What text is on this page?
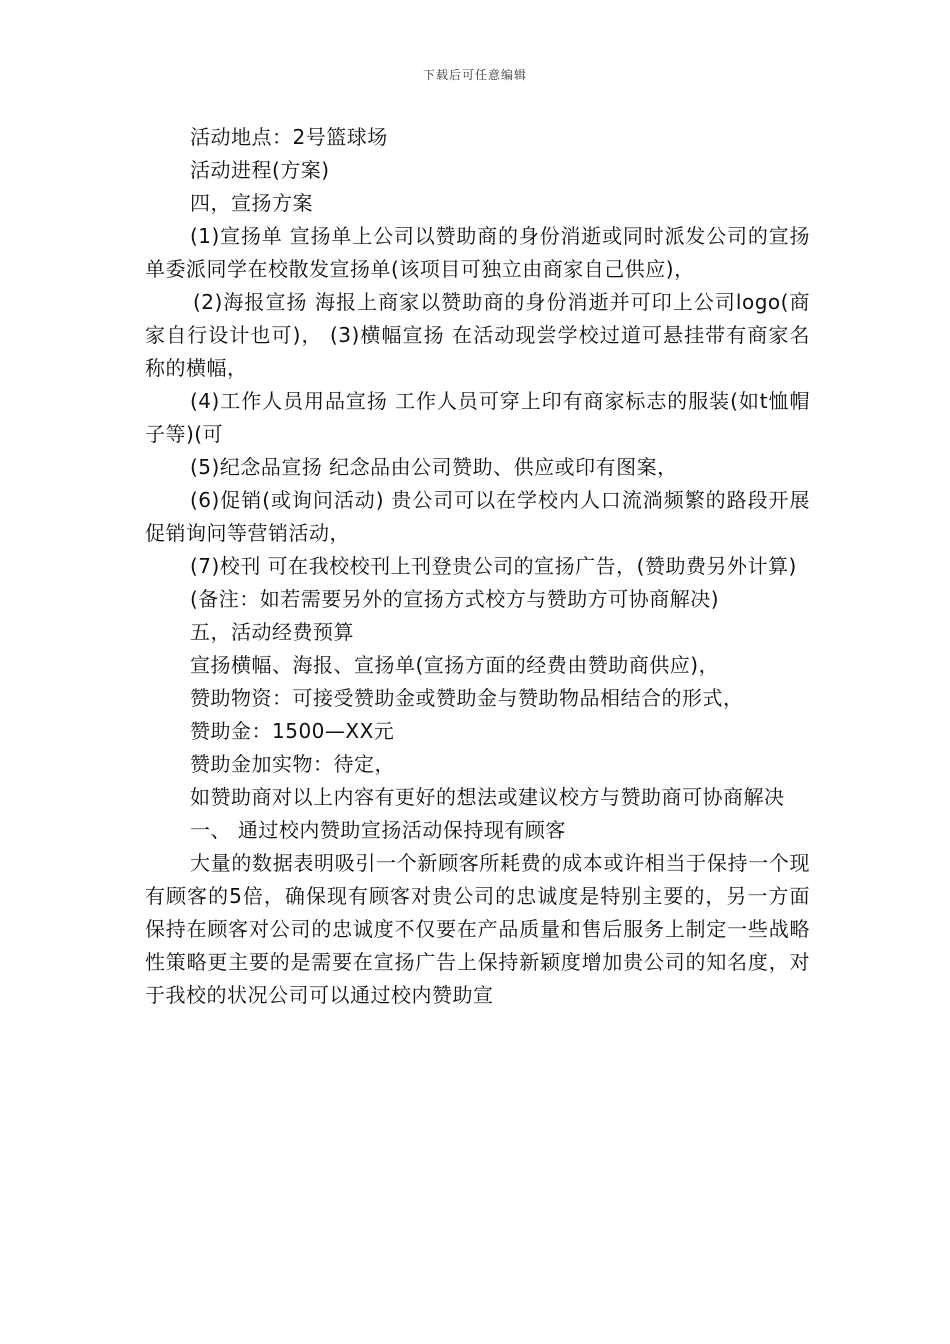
下载后可任意编辑

活动地点：2号篮球场

活动进程(方案)

四，宣扬方案

(1)宣扬单 宣扬单上公司以赞助商的身份消逝或同时派发公司的宣扬单委派同学在校散发宣扬单(该项目可独立由商家自己供应)，

(2)海报宣扬 海报上商家以赞助商的身份消逝并可印上公司logo(商家自行设计也可)， (3)横幅宣扬 在活动现尝学校过道可悬挂带有商家名称的横幅，

(4)工作人员用品宣扬 工作人员可穿上印有商家标志的服装(如t恤帽子等)(可

(5)纪念品宣扬 纪念品由公司赞助、供应或印有图案，

(6)促销(或询问活动) 贵公司可以在学校内人口流淌频繁的路段开展促销询问等营销活动，

(7)校刊 可在我校校刊上刊登贵公司的宣扬广告，(赞助费另外计算)

(备注：如若需要另外的宣扬方式校方与赞助方可协商解决)

五，活动经费预算

宣扬横幅、海报、宣扬单(宣扬方面的经费由赞助商供应)，

赞助物资：可接受赞助金或赞助金与赞助物品相结合的形式，

赞助金：1500—XX元

赞助金加实物：待定，

如赞助商对以上内容有更好的想法或建议校方与赞助商可协商解决

一、 通过校内赞助宣扬活动保持现有顾客

大量的数据表明吸引一个新顾客所耗费的成本或许相当于保持一个现有顾客的5倍，确保现有顾客对贵公司的忠诚度是特别主要的，另一方面保持在顾客对公司的忠诚度不仅要在产品质量和售后服务上制定一些战略性策略更主要的是需要在宣扬广告上保持新颖度增加贵公司的知名度，对于我校的状况公司可以通过校内赞助宣
